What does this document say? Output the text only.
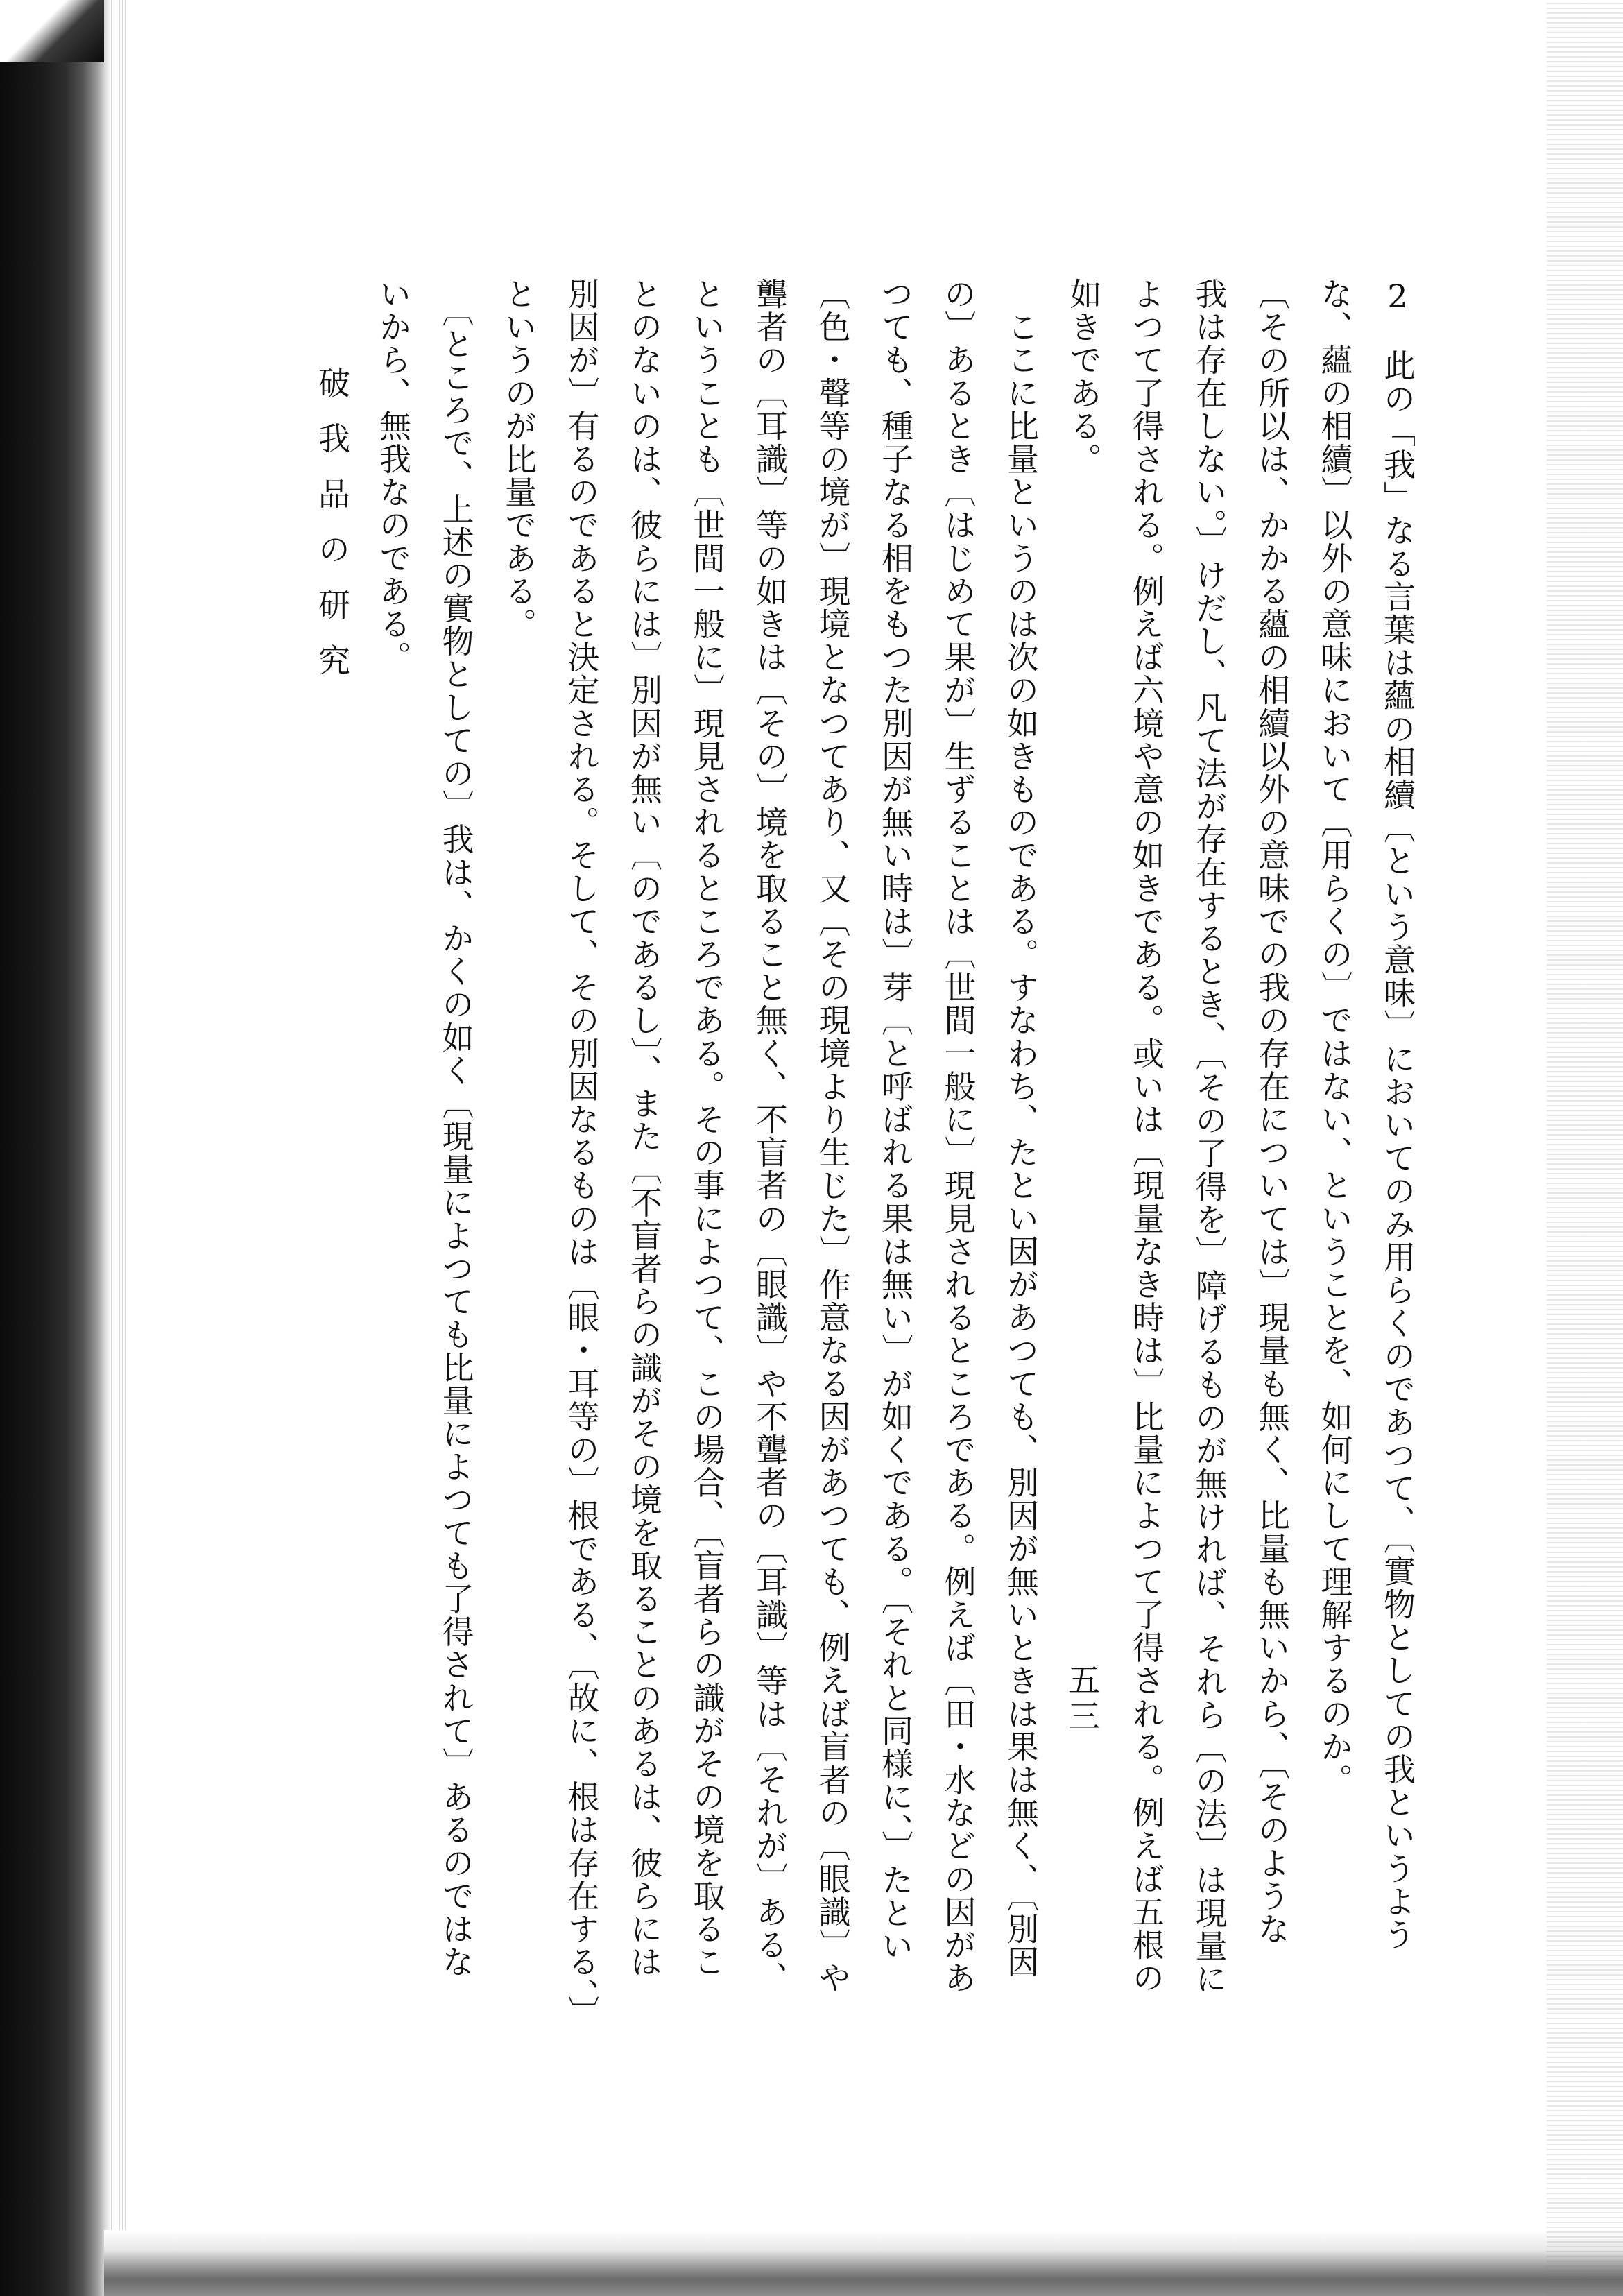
2　此の「我」なる言葉は蘊の相續〔という意味〕においてのみ用らくのであつて、〔實物としての我というよう
な、蘊の相續〕以外の意味において〔用らくの〕ではない、ということを、如何にして理解するのか。
〔その所以は、かかる蘊の相續以外の意味での我の存在については〕現量も無く、比量も無いから、〔そのような
我は存在しない。〕けだし、凡て法が存在するとき、〔その了得を〕障げるものが無ければ、それら〔の法〕は現量に
よつて了得される。例えば六境や意の如きである。或いは〔現量なき時は〕比量によつて了得される。例えば五根の
如きである。
　ここに比量というのは次の如きものである。すなわち、たとい因があつても、別因が無いときは果は無く、〔別因
の〕あるとき〔はじめて果が〕生ずることは〔世間一般に〕現見されるところである。例えば〔田・水などの因があ
つても、種子なる相をもつた別因が無い時は〕芽〔と呼ばれる果は無い〕が如くである。〔それと同様に、〕たとい
〔色・聲等の境が〕現境となつてあり、又〔その現境より生じた〕作意なる因があつても、例えば盲者の〔眼識〕や
聾者の〔耳識〕等の如きは〔その〕境を取ること無く、不盲者の〔眼識〕や不聾者の〔耳識〕等は〔それが〕ある、
ということも〔世間一般に〕現見されるところである。その事によつて、この場合、〔盲者らの識がその境を取るこ
とのないのは、彼らには〕別因が無い〔のであるし〕、また〔不盲者らの識がその境を取ることのあるは、彼らには
別因が〕有るのであると決定される。そして、その別因なるものは〔眼・耳等の〕根である、〔故に、根は存在する、〕
というのが比量である。
　〔ところで、上述の實物としての〕我は、かくの如く〔現量によつても比量によつても了得されて〕あるのではな
いから、無我なのである。
破我品の研究
五三
